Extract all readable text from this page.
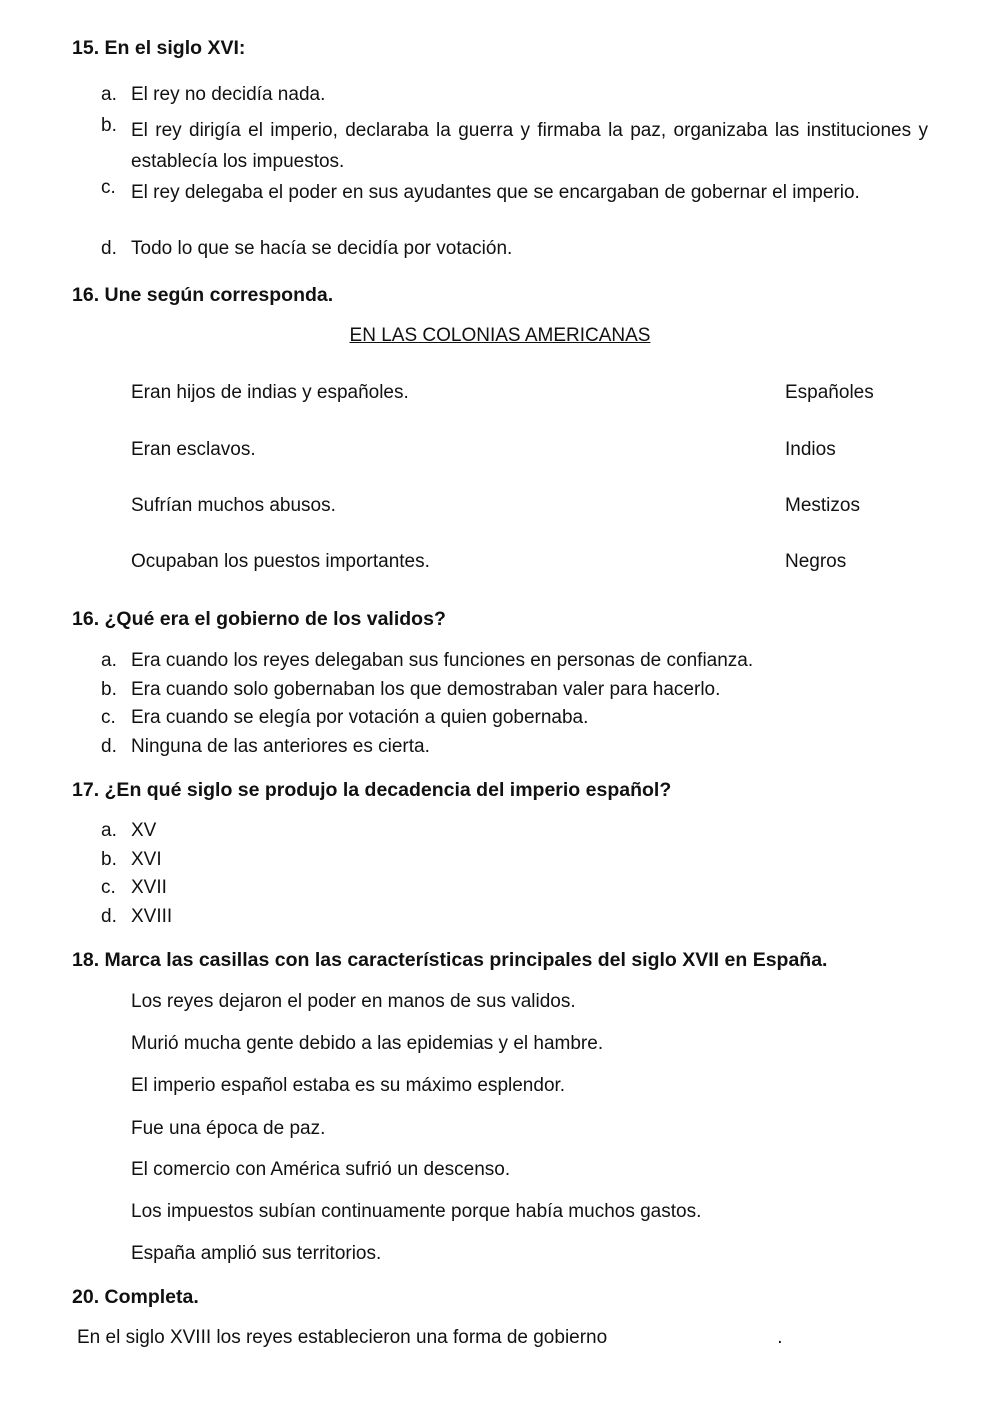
15. En el siglo XVI:
a. El rey no decidía nada.
b. El rey dirigía el imperio, declaraba la guerra y firmaba la paz, organizaba las instituciones y establecía los impuestos.
c. El rey delegaba el poder en sus ayudantes que se encargaban de gobernar el imperio.
d. Todo lo que se hacía se decidía por votación.
16. Une según corresponda.
EN LAS COLONIAS AMERICANAS
Eran hijos de indias y españoles.	Españoles
Eran esclavos.	Indios
Sufrían muchos abusos.	Mestizos
Ocupaban los puestos importantes.	Negros
16. ¿Qué era el gobierno de los validos?
a. Era cuando los reyes delegaban sus funciones en personas de confianza.
b. Era cuando solo gobernaban los que demostraban valer para hacerlo.
c. Era cuando se elegía por votación a quien gobernaba.
d. Ninguna de las anteriores es cierta.
17. ¿En qué siglo se produjo la decadencia del imperio español?
a. XV
b. XVI
c. XVII
d. XVIII
18. Marca las casillas con las características principales del siglo XVII en España.
Los reyes dejaron el poder en manos de sus validos.
Murió mucha gente debido a las epidemias y el hambre.
El imperio español estaba es su máximo esplendor.
Fue una época de paz.
El comercio con América sufrió un descenso.
Los impuestos subían continuamente porque había muchos gastos.
España amplió sus territorios.
20. Completa.
En el siglo XVIII los reyes establecieron una forma de gobierno	.
